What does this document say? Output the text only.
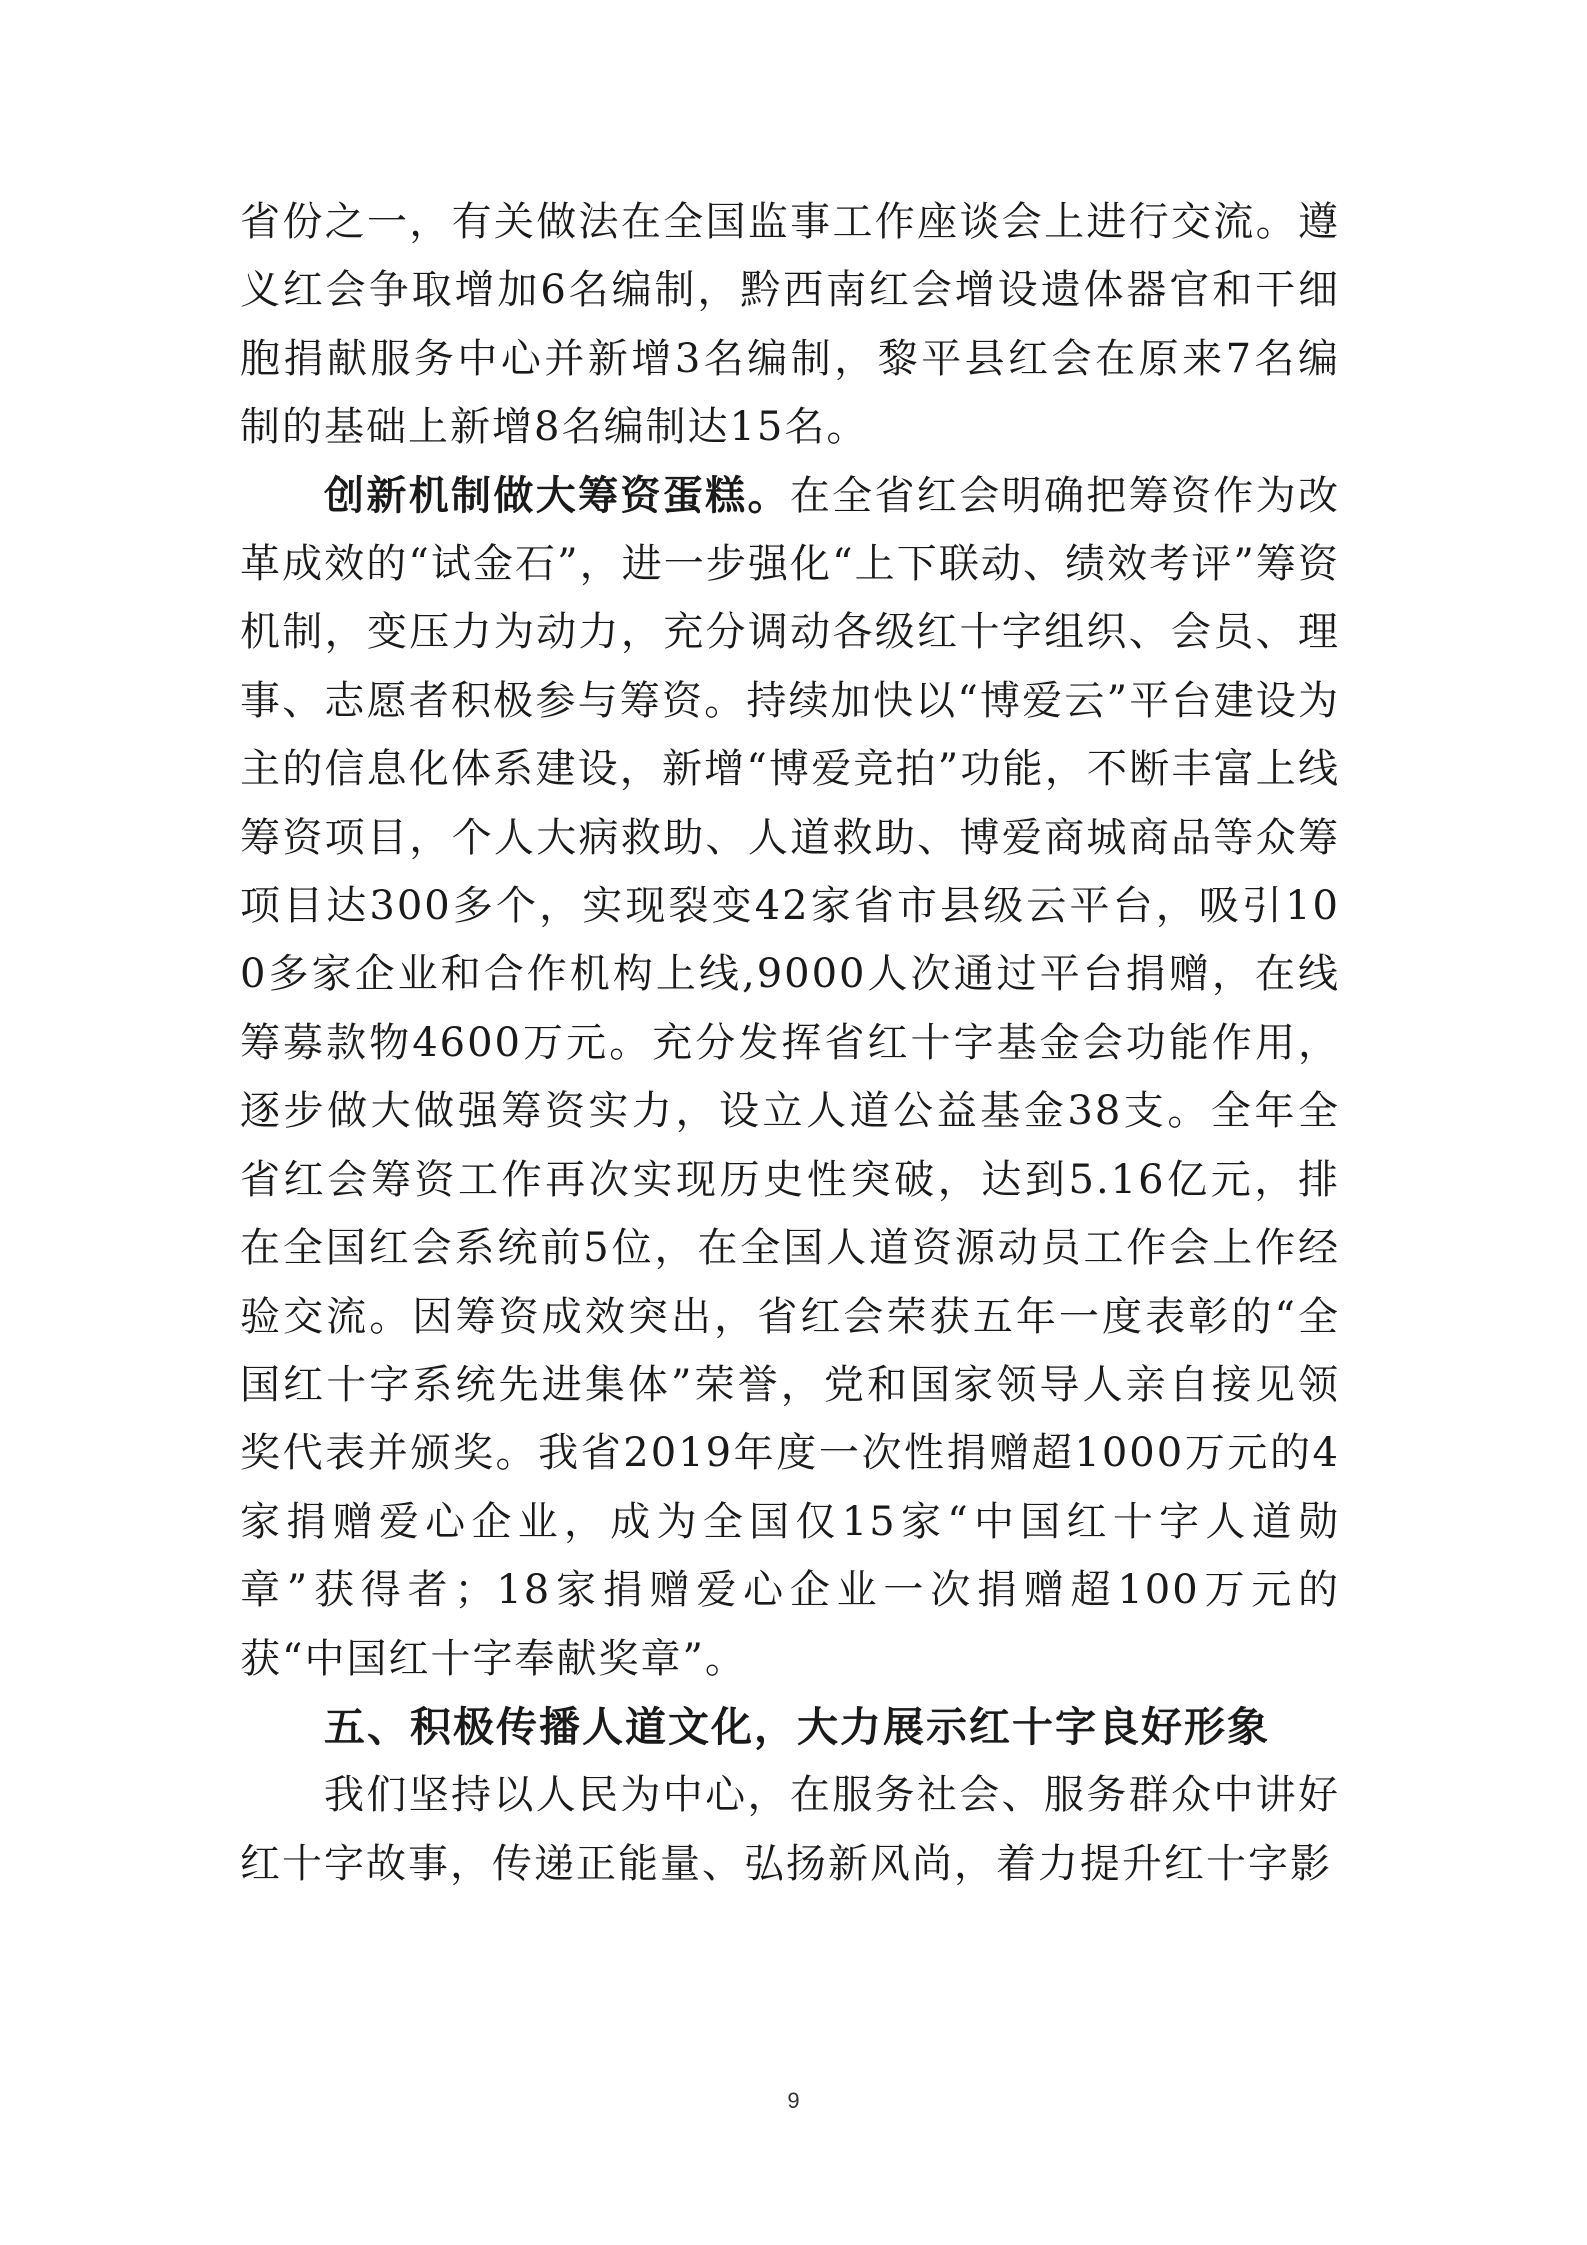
省份之一，有关做法在全国监事工作座谈会上进行交流。遵义红会争取增加6名编制，黔西南红会增设遗体器官和干细胞捐献服务中心并新增3名编制，黎平县红会在原来7名编制的基础上新增8名编制达15名。

创新机制做大筹资蛋糕。在全省红会明确把筹资作为改革成效的“试金石”，进一步强化“上下联动、绩效考评”筹资机制，变压力为动力，充分调动各级红十字组织、会员、理事、志愿者积极参与筹资。持续加快以“博爱云”平台建设为主的信息化体系建设，新增“博爱竞拍”功能，不断丰富上线筹资项目，个人大病救助、人道救助、博爱商城商品等众筹项目达300多个，实现裂变42家省市县级云平台，吸引100多家企业和合作机构上线,9000人次通过平台捐赠，在线筹募款物4600万元。充分发挥省红十字基金会功能作用，逐步做大做强筹资实力，设立人道公益基金38支。全年全省红会筹资工作再次实现历史性突破，达到5.16亿元，排在全国红会系统前5位，在全国人道资源动员工作会上作经验交流。因筹资成效突出，省红会荣获五年一度表彰的“全国红十字系统先进集体”荣誉，党和国家领导人亲自接见领奖代表并颁奖。我省2019年度一次性捐赠超1000万元的4家捐赠爱心企业，成为全国仅15家“中国红十字人道勋章”获得者；18家捐赠爱心企业一次捐赠超100万元的获“中国红十字奉献奖章”。

五、积极传播人道文化，大力展示红十字良好形象

我们坚持以人民为中心，在服务社会、服务群众中讲好红十字故事，传递正能量、弘扬新风尚，着力提升红十字影

9
